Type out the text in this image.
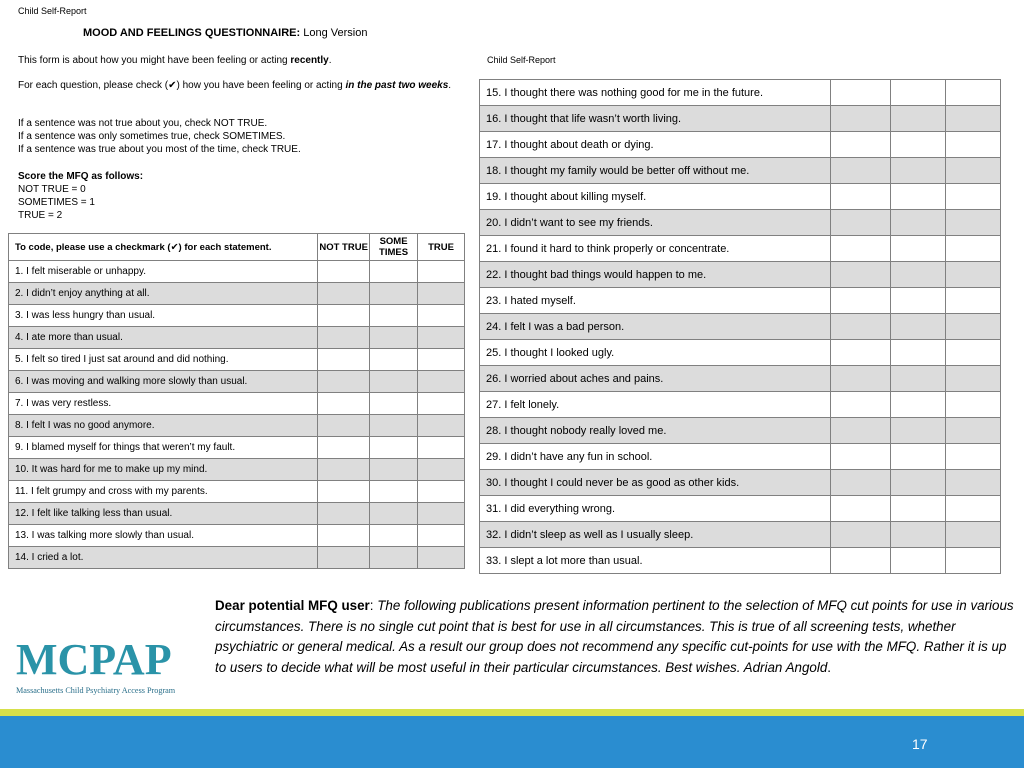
Child Self-Report
Child Self-Report
MOOD AND FEELINGS QUESTIONNAIRE: Long Version
This form is about how you might have been feeling or acting recently.
For each question, please check (✔) how you have been feeling or acting in the past two weeks.
If a sentence was not true about you, check NOT TRUE.
If a sentence was only sometimes true, check SOMETIMES.
If a sentence was true about you most of the time, check TRUE.
Score the MFQ as follows:
NOT TRUE = 0
SOMETIMES = 1
TRUE = 2
To code, please use a checkmark (✔) for each statement.	NOT TRUE	SOME TIMES	TRUE
1. I felt miserable or unhappy.			
2. I didn’t enjoy anything at all.			
3. I was less hungry than usual.			
4. I ate more than usual.			
5. I felt so tired I just sat around and did nothing.			
6. I was moving and walking more slowly than usual.			
7. I was very restless.			
8. I felt I was no good anymore.			
9. I blamed myself for things that weren’t my fault.			
10. It was hard for me to make up my mind.			
11. I felt grumpy and cross with my parents.			
12. I felt like talking less than usual.			
13. I was talking more slowly than usual.			
14. I cried a lot.			
15. I thought there was nothing good for me in the future.			
16. I thought that life wasn’t worth living.			
17. I thought about death or dying.			
18. I thought my family would be better off without me.			
19. I thought about killing myself.			
20. I didn’t want to see my friends.			
21. I found it hard to think properly or concentrate.			
22. I thought bad things would happen to me.			
23. I hated myself.			
24. I felt I was a bad person.			
25. I thought I looked ugly.			
26. I worried about aches and pains.			
27. I felt lonely.			
28. I thought nobody really loved me.			
29. I didn’t have any fun in school.			
30. I thought I could never be as good as other kids.			
31. I did everything wrong.			
32. I didn’t sleep as well as I usually sleep.			
33. I slept a lot more than usual.			
Dear potential MFQ user: The following publications present information pertinent to the selection of MFQ cut points for use in various circumstances. There is no single cut point that is best for use in all circumstances. This is true of all screening tests, whether psychiatric or general medical. As a result our group does not recommend any specific cut-points for use with the MFQ. Rather it is up to users to decide what will be most useful in their particular circumstances. Best wishes. Adrian Angold.
MCPAP
Massachusetts Child Psychiatry Access Program
17
